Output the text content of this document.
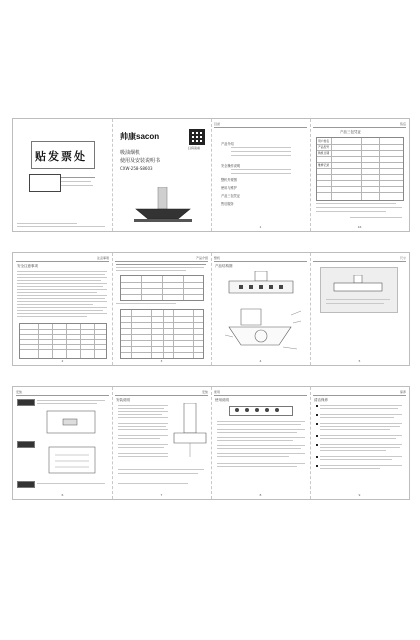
贴发票处
帅康sacon
扫码查看
吸油烟机
使用及安装说明书
CXW-258-S8603
目录
产品介绍
安全操作说明
整机外观图
使用与维护
产品三包凭证
售后服务
1
售后
产品三包凭证
用户姓名
产品型号
购机日期
维修记录
16
注意事项
安全注意事项
2
产品介绍
3
整机
产品结构图
4
尺寸
5
安装
6
安装
安装说明
7
使用
使用说明
8
保养
清洁保养
9
